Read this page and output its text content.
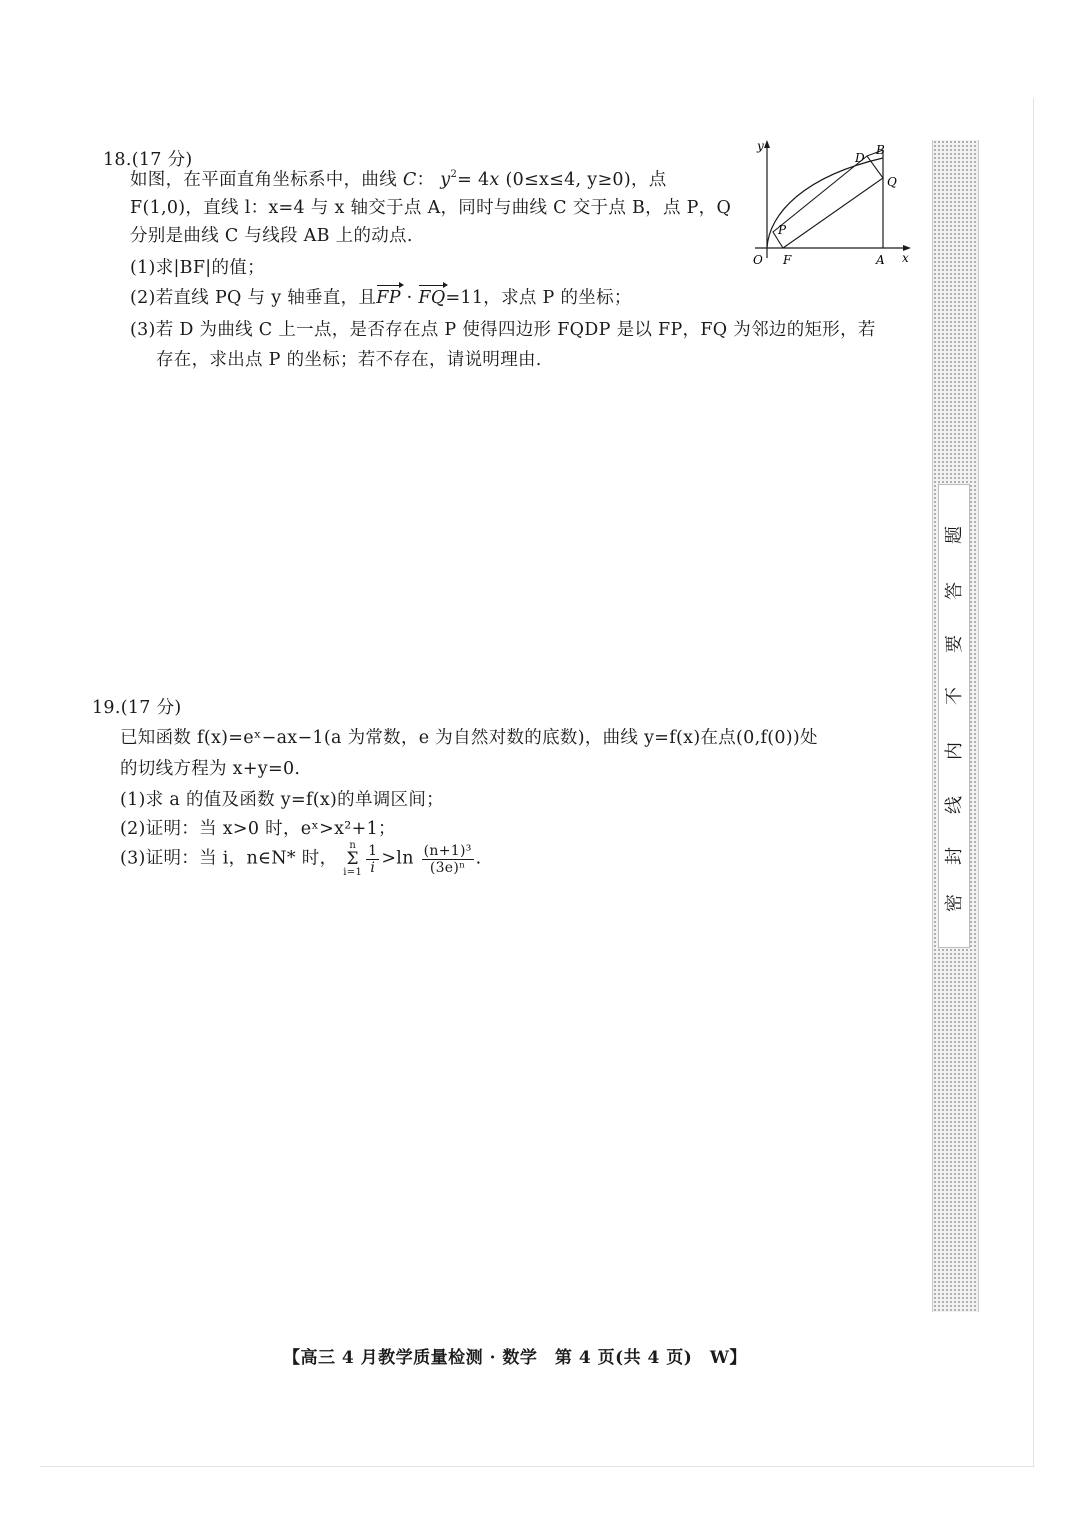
18.(17 分)
如图，在平面直角坐标系中，曲线 C： $y^2= 4x$ (0≤x≤4, y≥0)，点
F(1,0)，直线 l：x=4 与 x 轴交于点 A，同时与曲线 C 交于点 B，点 P，Q
分别是曲线 C 与线段 AB 上的动点.
(1)求|BF|的值；
(2)若直线 PQ 与 y 轴垂直，且FP · FQ=11，求点 P 的坐标；
(3)若 D 为曲线 C 上一点，是否存在点 P 使得四边形 FQDP 是以 FP，FQ 为邻边的矩形，若
存在，求出点 P 的坐标；若不存在，请说明理由.
y
x
O F	A
B
D
Q
P
19.(17 分)
已知函数 f(x)=eˣ−ax−1(a 为常数，e 为自然对数的底数)，曲线 y=f(x)在点(0,f(0))处
的切线方程为 x+y=0.
(1)求 a 的值及函数 y=f(x)的单调区间；
(2)证明：当 x>0 时，eˣ>x²+1；
(3)证明：当 i，n∈N* 时， n
Σ
$i=1 \frac{1}{i} >\ln \frac{\text{(n+1)³}}{\text{(3e)ⁿ}}$ .
密
封
线
内
不
要
答
题
【高三 4 月教学质量检测 · 数学　第 4 页(共 4 页)　W】
